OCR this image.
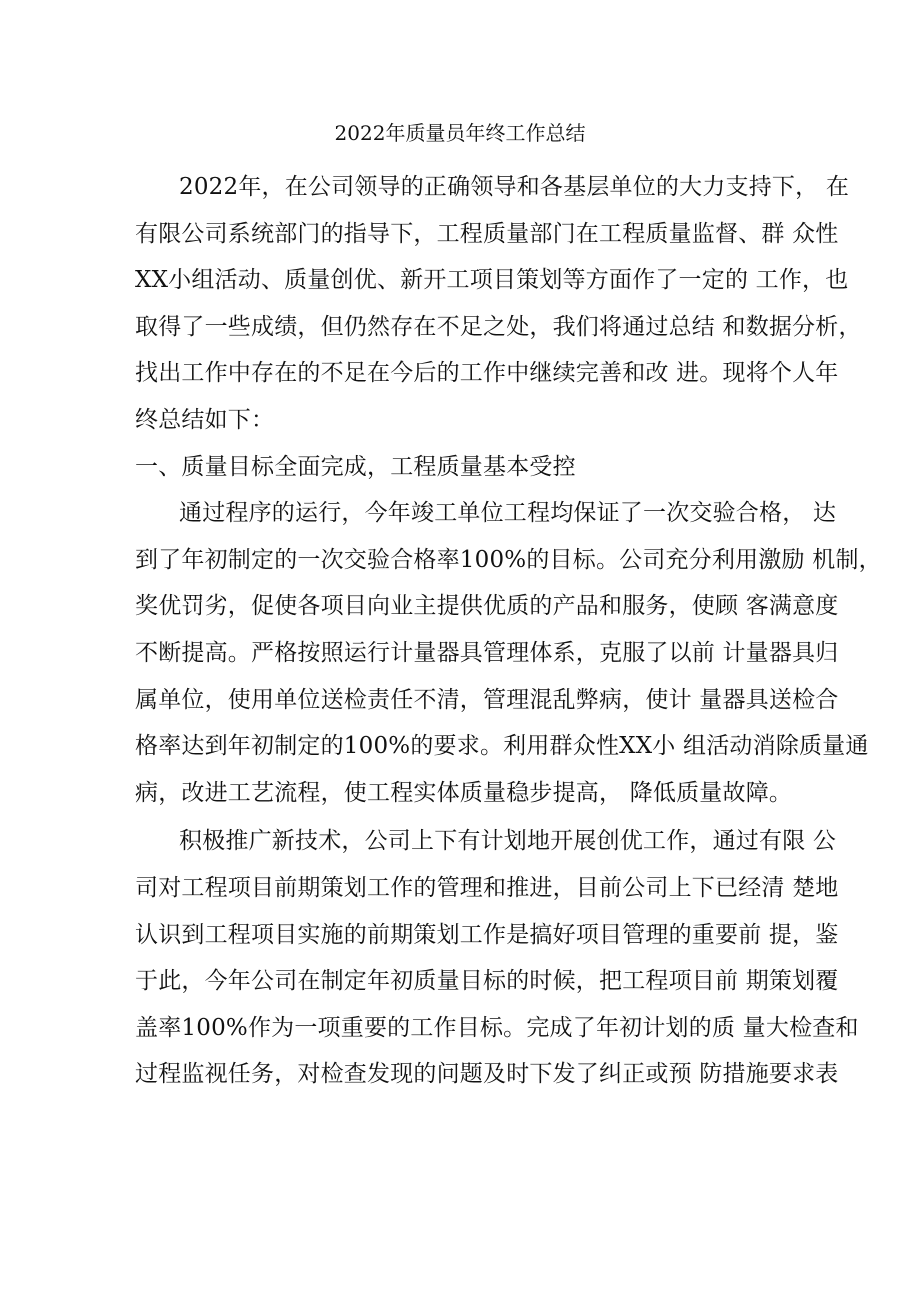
2022年质量员年终工作总结
2022年，在公司领导的正确领导和各基层单位的大力支持下， 在
有限公司系统部门的指导下，工程质量部门在工程质量监督、群 众性
XX小组活动、质量创优、新开工项目策划等方面作了一定的 工作，也
取得了一些成绩，但仍然存在不足之处，我们将通过总结 和数据分析，
找出工作中存在的不足在今后的工作中继续完善和改 进。现将个人年
终总结如下：
一、质量目标全面完成，工程质量基本受控
通过程序的运行，今年竣工单位工程均保证了一次交验合格， 达
到了年初制定的一次交验合格率100%的目标。公司充分利用激励 机制，
奖优罚劣，促使各项目向业主提供优质的产品和服务，使顾 客满意度
不断提高。严格按照运行计量器具管理体系，克服了以前 计量器具归
属单位，使用单位送检责任不清，管理混乱弊病，使计 量器具送检合
格率达到年初制定的100%的要求。利用群众性XX小 组活动消除质量通
病，改进工艺流程，使工程实体质量稳步提高， 降低质量故障。
积极推广新技术，公司上下有计划地开展创优工作，通过有限 公
司对工程项目前期策划工作的管理和推进，目前公司上下已经清 楚地
认识到工程项目实施的前期策划工作是搞好项目管理的重要前 提，鉴
于此，今年公司在制定年初质量目标的时候，把工程项目前 期策划覆
盖率100%作为一项重要的工作目标。完成了年初计划的质 量大检查和
过程监视任务，对检查发现的问题及时下发了纠正或预 防措施要求表
